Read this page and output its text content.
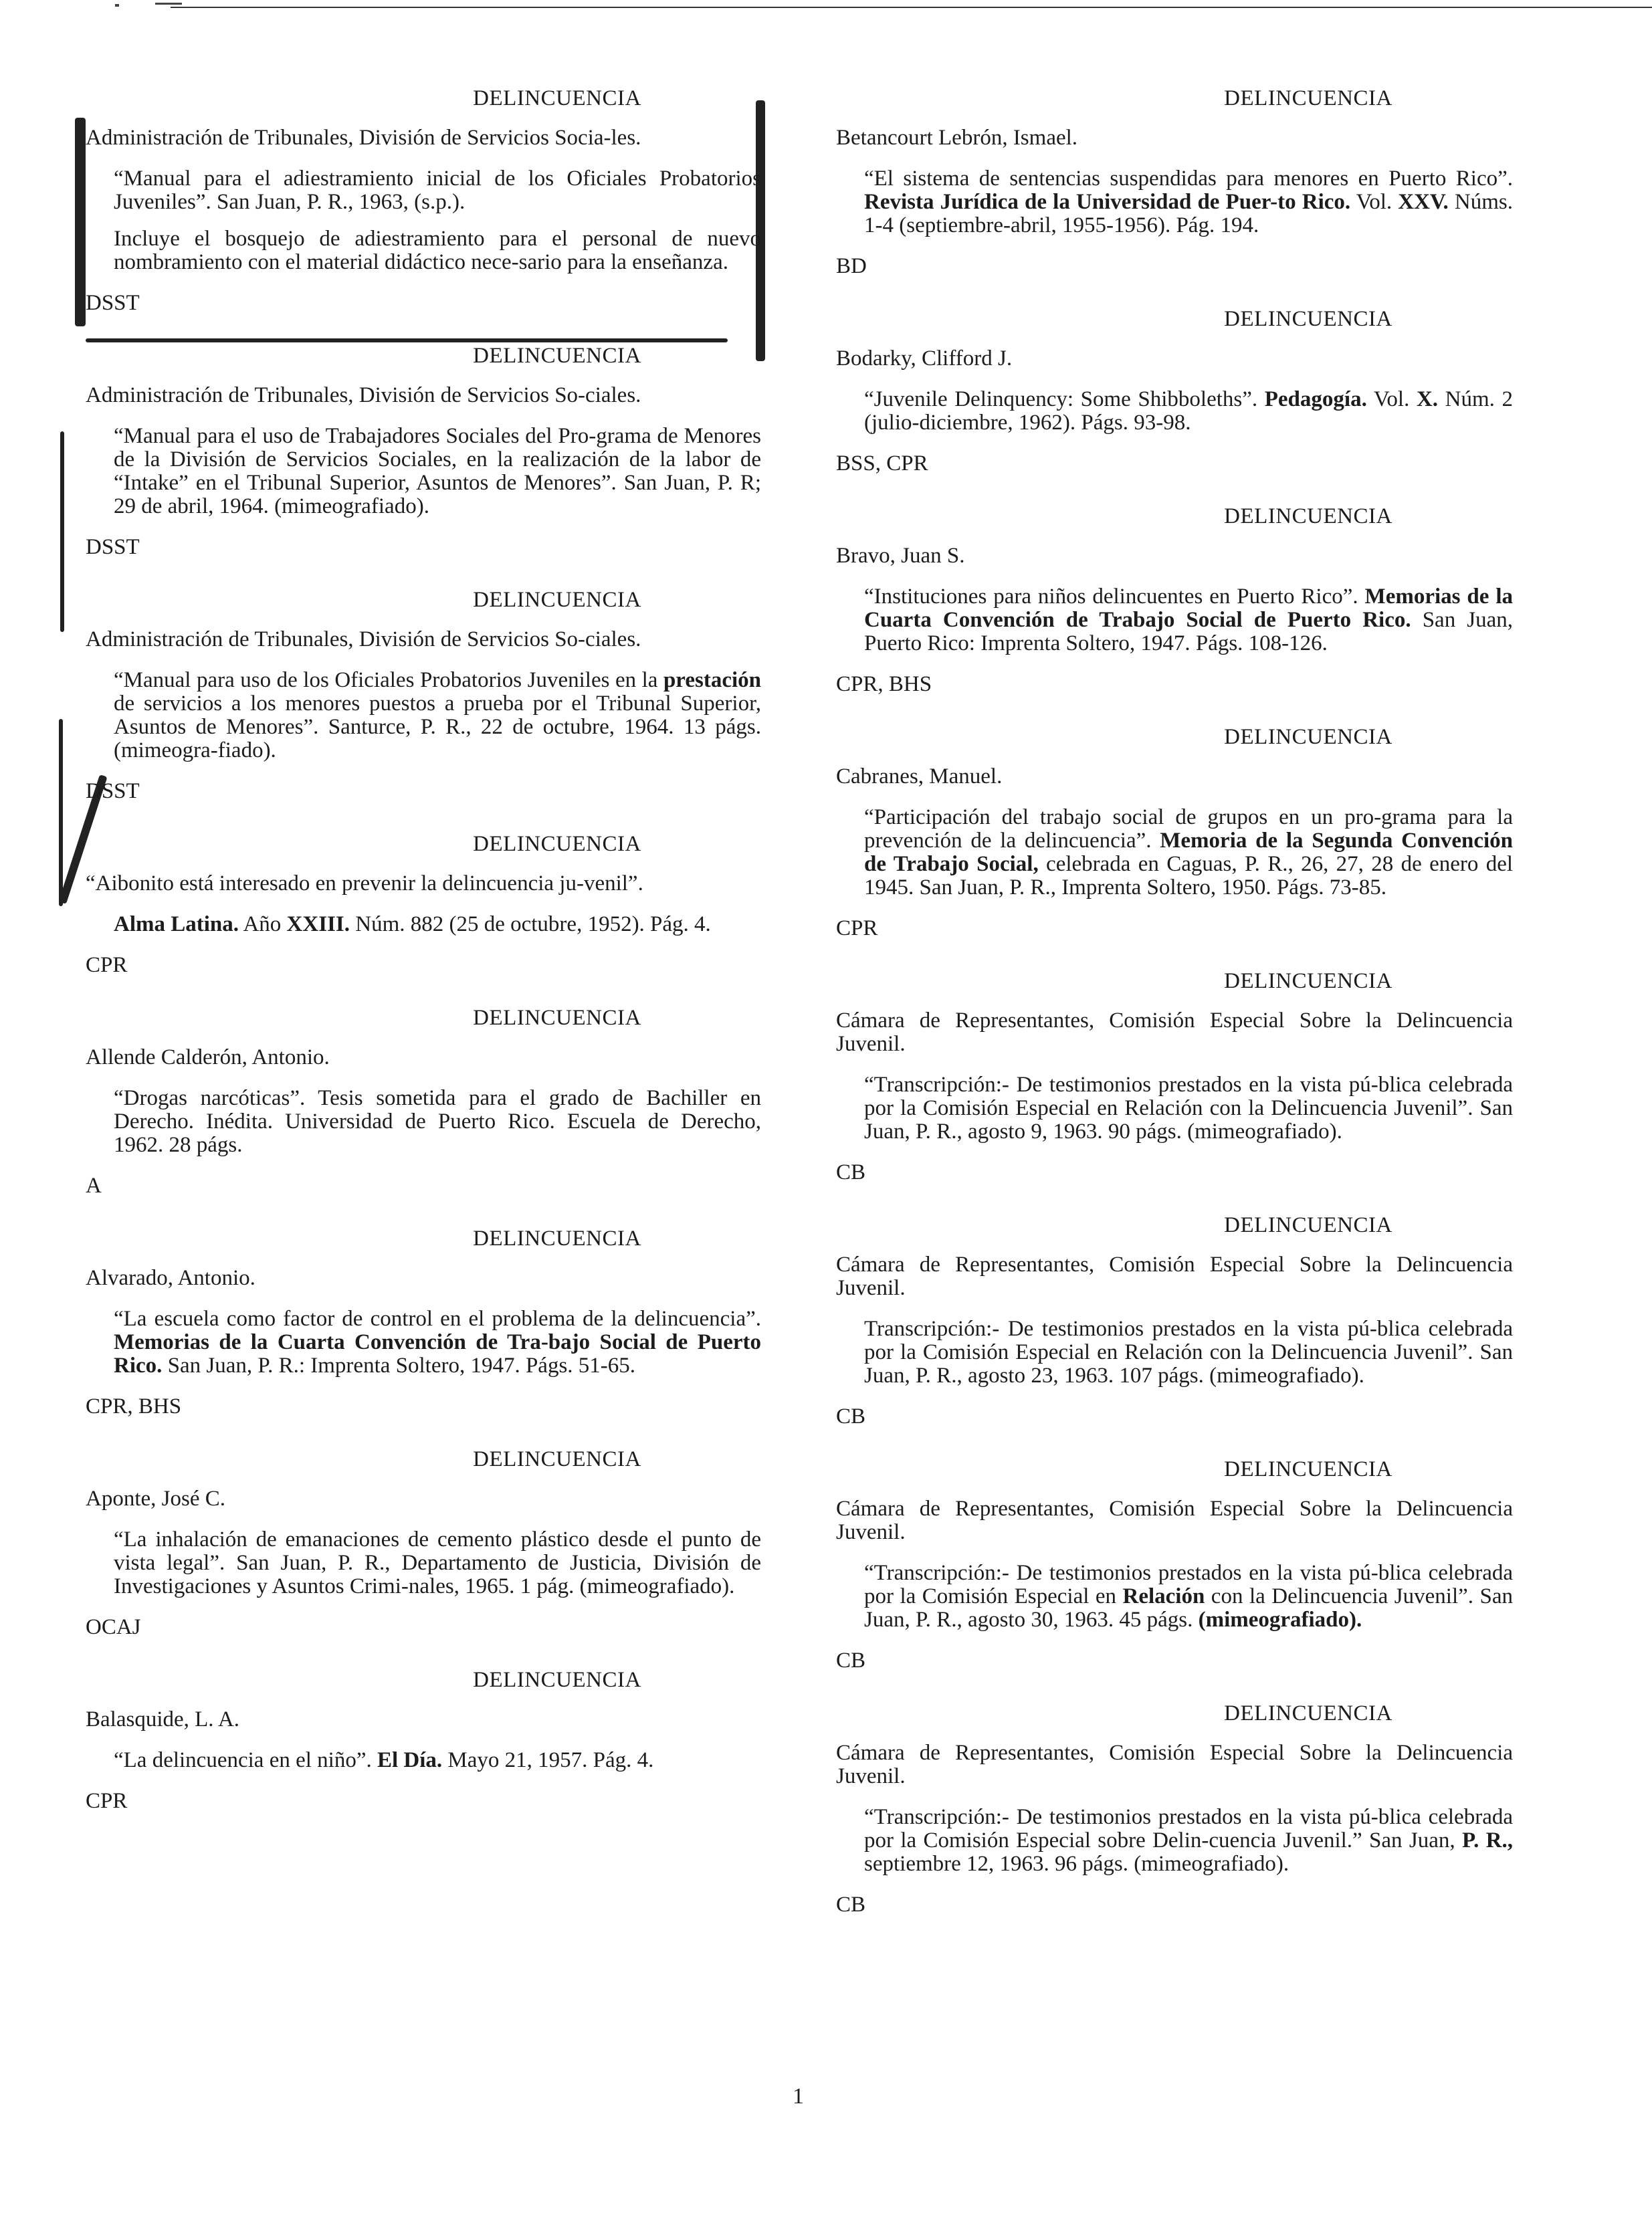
DELINCUENCIA
Administración de Tribunales, División de Servicios Socia-les.

“Manual para el adiestramiento inicial de los Oficiales Probatorios Juveniles”. San Juan, P. R., 1963, (s.p.).

Incluye el bosquejo de adiestramiento para el personal de nuevo nombramiento con el material didáctico nece-sario para la enseñanza.

DSST
DELINCUENCIA
Administración de Tribunales, División de Servicios So-ciales.

“Manual para el uso de Trabajadores Sociales del Pro-grama de Menores de la División de Servicios Sociales, en la realización de la labor de “Intake” en el Tribunal Superior, Asuntos de Menores”. San Juan, P. R; 29 de abril, 1964. (mimeografiado).

DSST
DELINCUENCIA
Administración de Tribunales, División de Servicios So-ciales.

“Manual para uso de los Oficiales Probatorios Juveniles en la prestación de servicios a los menores puestos a prueba por el Tribunal Superior, Asuntos de Menores”. Santurce, P. R., 22 de octubre, 1964. 13 págs. (mimeogra-fiado).

DSST
DELINCUENCIA
“Aibonito está interesado en prevenir la delincuencia ju-venil”.

Alma Latina. Año XXIII. Núm. 882 (25 de octubre, 1952). Pág. 4.

CPR
DELINCUENCIA
Allende Calderón, Antonio.

“Drogas narcóticas”. Tesis sometida para el grado de Bachiller en Derecho. Inédita. Universidad de Puerto Rico. Escuela de Derecho, 1962. 28 págs.

A
DELINCUENCIA
Alvarado, Antonio.

“La escuela como factor de control en el problema de la delincuencia”. Memorias de la Cuarta Convención de Tra-bajo Social de Puerto Rico. San Juan, P. R.: Imprenta Soltero, 1947. Págs. 51-65.

CPR, BHS
DELINCUENCIA
Aponte, José C.

“La inhalación de emanaciones de cemento plástico desde el punto de vista legal”. San Juan, P. R., Departamento de Justicia, División de Investigaciones y Asuntos Crimi-nales, 1965. 1 pág. (mimeografiado).

OCAJ
DELINCUENCIA
Balasquide, L. A.

“La delincuencia en el niño”. El Día. Mayo 21, 1957. Pág. 4.

CPR
DELINCUENCIA
Betancourt Lebrón, Ismael.

“El sistema de sentencias suspendidas para menores en Puerto Rico”. Revista Jurídica de la Universidad de Puer-to Rico. Vol. XXV. Núms. 1-4 (septiembre-abril, 1955-1956). Pág. 194.

BD
DELINCUENCIA
Bodarky, Clifford J.

“Juvenile Delinquency: Some Shibboleths”. Pedagogía. Vol. X. Núm. 2 (julio-diciembre, 1962). Págs. 93-98.

BSS, CPR
DELINCUENCIA
Bravo, Juan S.

“Instituciones para niños delincuentes en Puerto Rico”. Memorias de la Cuarta Convención de Trabajo Social de Puerto Rico. San Juan, Puerto Rico: Imprenta Soltero, 1947. Págs. 108-126.

CPR, BHS
DELINCUENCIA
Cabranes, Manuel.

“Participación del trabajo social de grupos en un pro-grama para la prevención de la delincuencia”. Memoria de la Segunda Convención de Trabajo Social, celebrada en Caguas, P. R., 26, 27, 28 de enero del 1945. San Juan, P. R., Imprenta Soltero, 1950. Págs. 73-85.

CPR
DELINCUENCIA
Cámara de Representantes, Comisión Especial Sobre la Delincuencia Juvenil.

“Transcripción:- De testimonios prestados en la vista pú-blica celebrada por la Comisión Especial en Relación con la Delincuencia Juvenil”. San Juan, P. R., agosto 9, 1963. 90 págs. (mimeografiado).

CB
DELINCUENCIA
Cámara de Representantes, Comisión Especial Sobre la Delincuencia Juvenil.

Transcripción:- De testimonios prestados en la vista pú-blica celebrada por la Comisión Especial en Relación con la Delincuencia Juvenil”. San Juan, P. R., agosto 23, 1963. 107 págs. (mimeografiado).

CB
DELINCUENCIA
Cámara de Representantes, Comisión Especial Sobre la Delincuencia Juvenil.

“Transcripción:- De testimonios prestados en la vista pú-blica celebrada por la Comisión Especial en Relación con la Delincuencia Juvenil”. San Juan, P. R., agosto 30, 1963. 45 págs. (mimeografiado).

CB
DELINCUENCIA
Cámara de Representantes, Comisión Especial Sobre la Delincuencia Juvenil.

“Transcripción:- De testimonios prestados en la vista pú-blica celebrada por la Comisión Especial sobre Delin-cuencia Juvenil.” San Juan, P. R., septiembre 12, 1963. 96 págs. (mimeografiado).

CB
1
